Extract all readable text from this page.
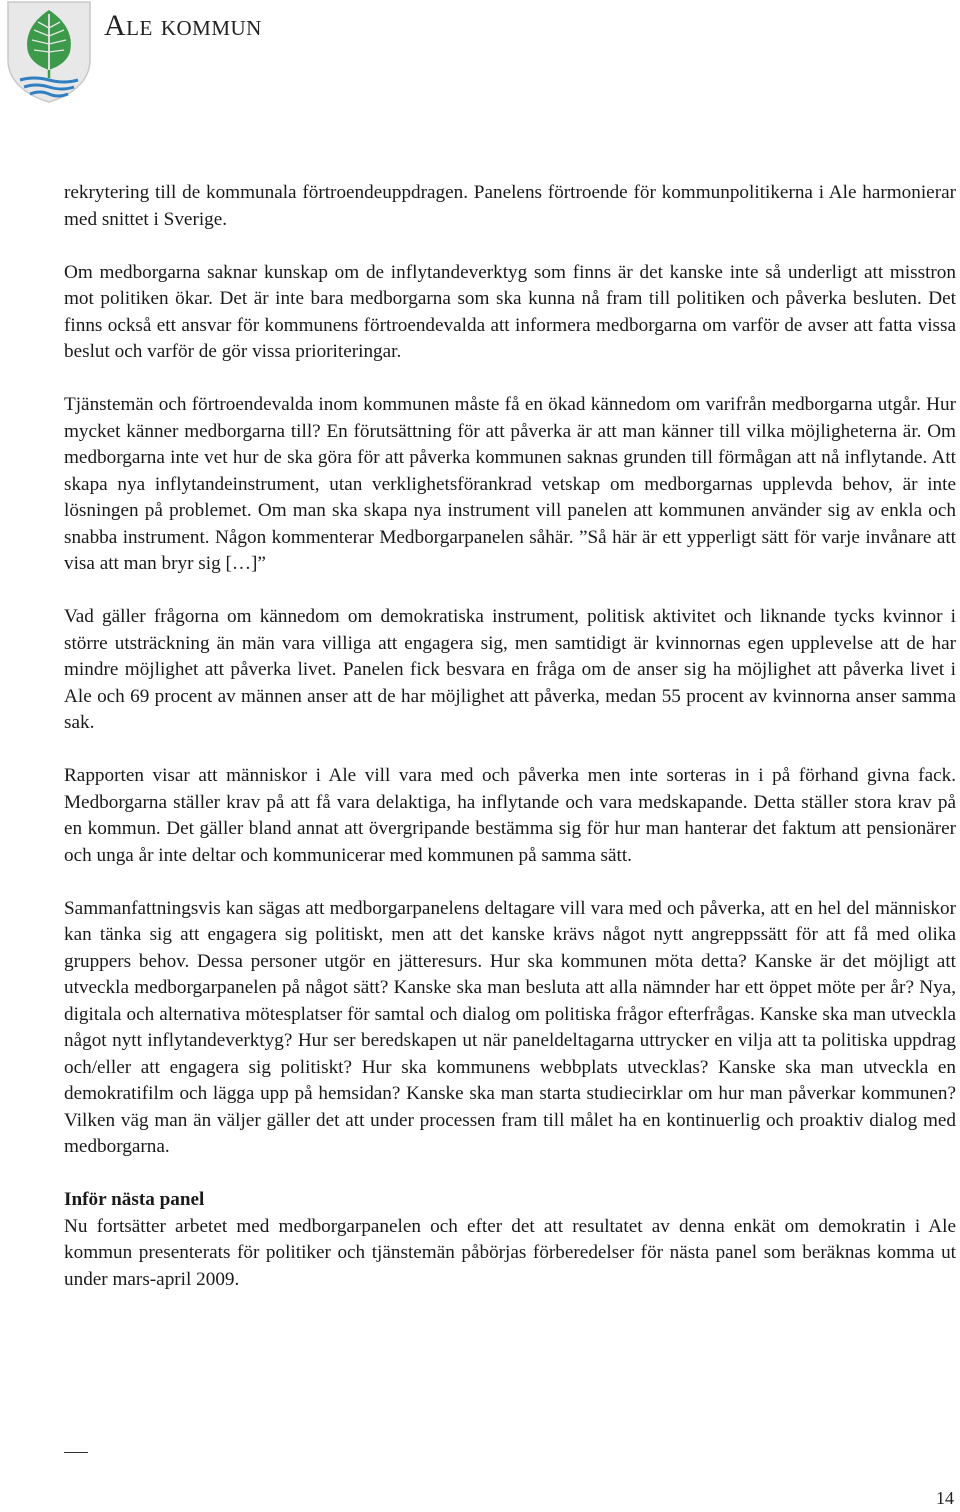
Ale kommun

rekrytering till de kommunala förtroendeuppdragen. Panelens förtroende för kommunpolitikerna i Ale harmonierar med snittet i Sverige.

Om medborgarna saknar kunskap om de inflytandeverktyg som finns är det kanske inte så underligt att misstron mot politiken ökar. Det är inte bara medborgarna som ska kunna nå fram till politiken och påverka besluten. Det finns också ett ansvar för kommunens förtroendevalda att informera medborgarna om varför de avser att fatta vissa beslut och varför de gör vissa prioriteringar.

Tjänstemän och förtroendevalda inom kommunen måste få en ökad kännedom om varifrån medborgarna utgår. Hur mycket känner medborgarna till? En förutsättning för att påverka är att man känner till vilka möjligheterna är. Om medborgarna inte vet hur de ska göra för att påverka kommunen saknas grunden till förmågan att nå inflytande. Att skapa nya inflytandeinstrument, utan verklighetsförankrad vetskap om medborgarnas upplevda behov, är inte lösningen på problemet. Om man ska skapa nya instrument vill panelen att kommunen använder sig av enkla och snabba instrument. Någon kommenterar Medborgarpanelen såhär. ”Så här är ett ypperligt sätt för varje invånare att visa att man bryr sig […]”

Vad gäller frågorna om kännedom om demokratiska instrument, politisk aktivitet och liknande tycks kvinnor i större utsträckning än män vara villiga att engagera sig, men samtidigt är kvinnornas egen upplevelse att de har mindre möjlighet att påverka livet. Panelen fick besvara en fråga om de anser sig ha möjlighet att påverka livet i Ale och 69 procent av männen anser att de har möjlighet att påverka, medan 55 procent av kvinnorna anser samma sak.

Rapporten visar att människor i Ale vill vara med och påverka men inte sorteras in i på förhand givna fack. Medborgarna ställer krav på att få vara delaktiga, ha inflytande och vara medskapande. Detta ställer stora krav på en kommun. Det gäller bland annat att övergripande bestämma sig för hur man hanterar det faktum att pensionärer och unga år inte deltar och kommunicerar med kommunen på samma sätt.

Sammanfattningsvis kan sägas att medborgarpanelens deltagare vill vara med och påverka, att en hel del människor kan tänka sig att engagera sig politiskt, men att det kanske krävs något nytt angreppssätt för att få med olika gruppers behov. Dessa personer utgör en jätteresurs. Hur ska kommunen möta detta? Kanske är det möjligt att utveckla medborgarpanelen på något sätt? Kanske ska man besluta att alla nämnder har ett öppet möte per år? Nya, digitala och alternativa mötesplatser för samtal och dialog om politiska frågor efterfrågas. Kanske ska man utveckla något nytt inflytandeverktyg? Hur ser beredskapen ut när paneldeltagarna uttrycker en vilja att ta politiska uppdrag och/eller att engagera sig politiskt? Hur ska kommunens webbplats utvecklas? Kanske ska man utveckla en demokratifilm och lägga upp på hemsidan? Kanske ska man starta studiecirklar om hur man påverkar kommunen? Vilken väg man än väljer gäller det att under processen fram till målet ha en kontinuerlig och proaktiv dialog med medborgarna.

Inför nästa panel

Nu fortsätter arbetet med medborgarpanelen och efter det att resultatet av denna enkät om demokratin i Ale kommun presenterats för politiker och tjänstemän påbörjas förberedelser för nästa panel som beräknas komma ut under mars-april 2009.

14
